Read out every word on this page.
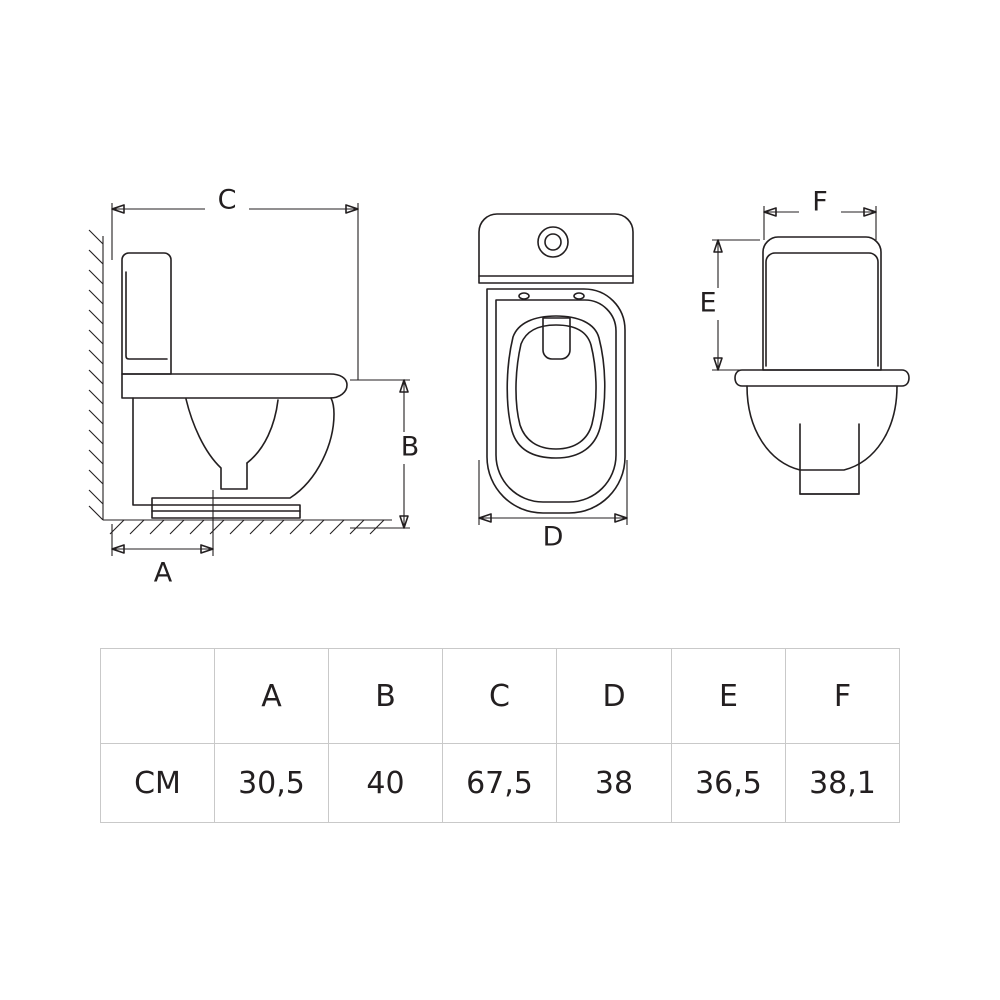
C
B
A
D
F
E
	A	B	C	D	E	F
CM	30,5	40	67,5	38	36,5	38,1
